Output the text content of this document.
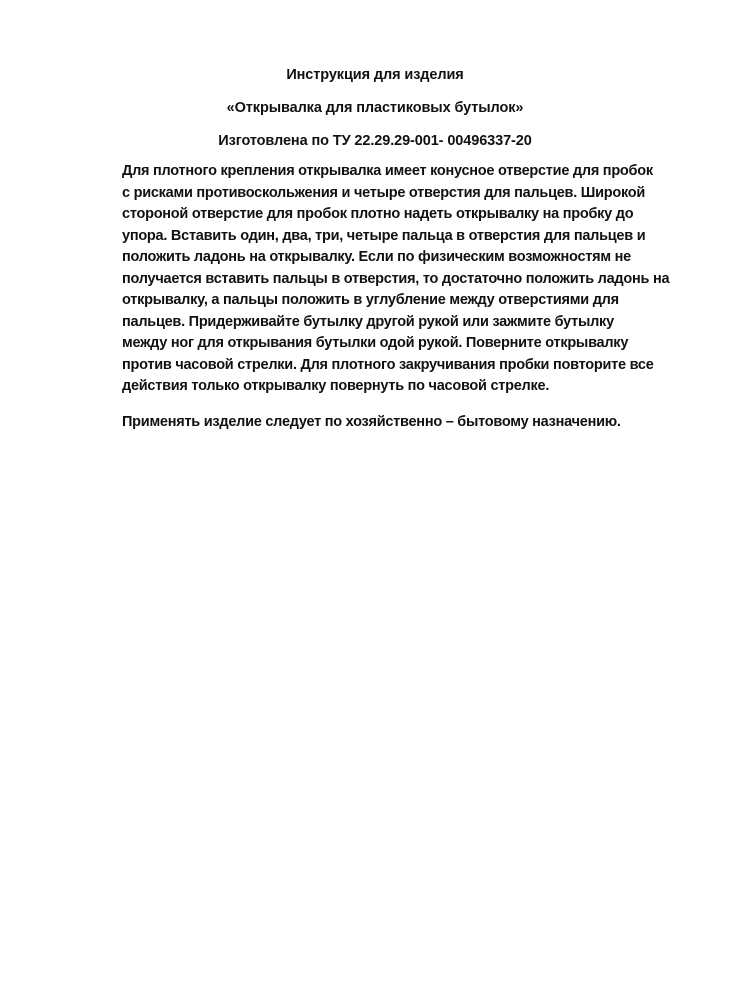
Инструкция для изделия
«Открывалка для пластиковых бутылок»
Изготовлена по ТУ 22.29.29-001- 00496337-20
Для плотного крепления открывалка имеет конусное отверстие для пробок
с рисками противоскольжения и четыре отверстия для пальцев. Широкой
стороной отверстие для пробок плотно надеть открывалку на пробку до
упора. Вставить один, два, три, четыре пальца в отверстия для пальцев и
положить ладонь на открывалку. Если по физическим возможностям не
получается вставить пальцы в отверстия, то достаточно положить ладонь на
открывалку, а пальцы положить в углубление между отверстиями для
пальцев. Придерживайте бутылку другой рукой или зажмите бутылку
между ног для открывания бутылки одой рукой. Поверните открывалку
против часовой стрелки. Для плотного закручивания пробки повторите все
действия только открывалку повернуть по часовой стрелке.
Применять изделие следует по хозяйственно – бытовому назначению.
